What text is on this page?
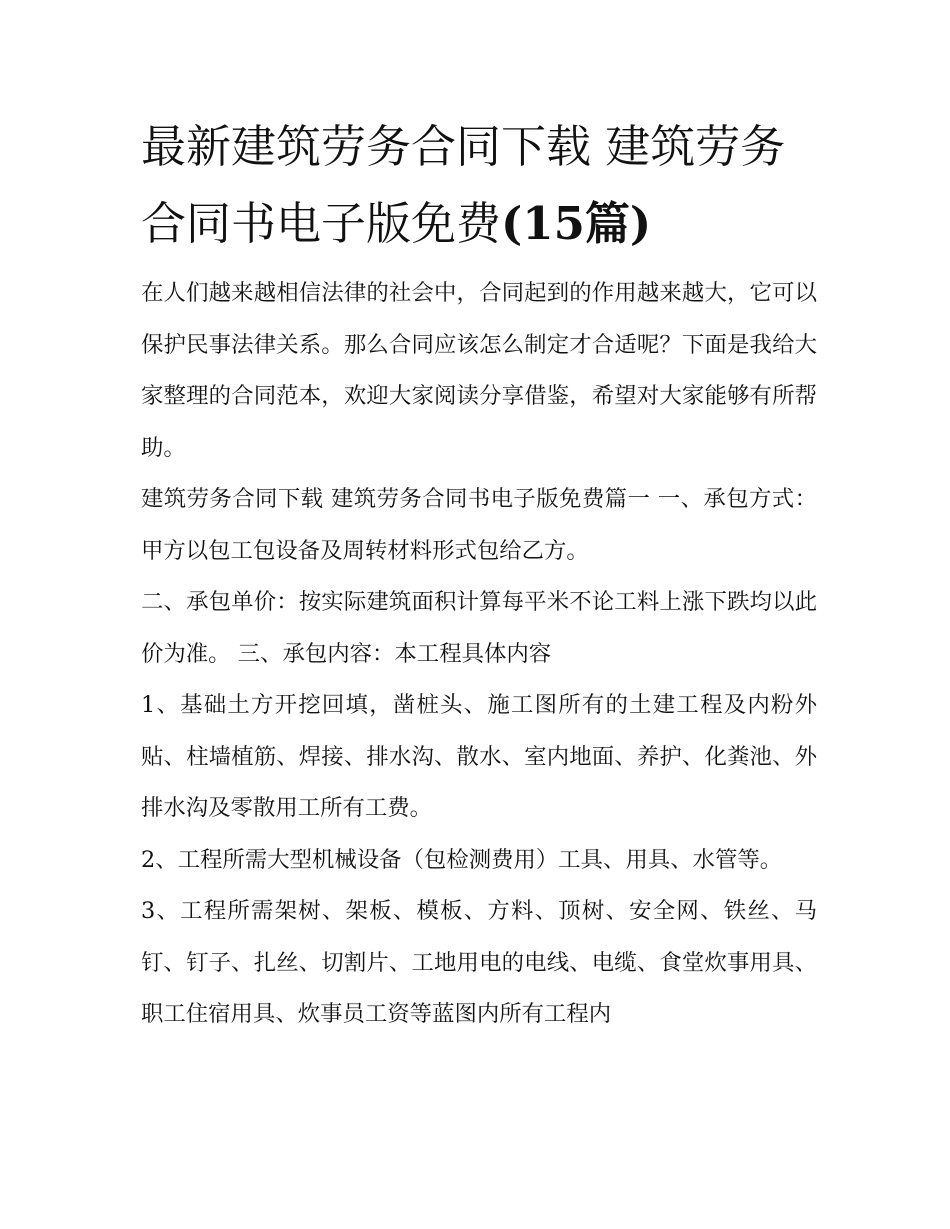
最新建筑劳务合同下载 建筑劳务合同书电子版免费(15篇)

在人们越来越相信法律的社会中，合同起到的作用越来越大，它可以保护民事法律关系。那么合同应该怎么制定才合适呢？下面是我给大家整理的合同范本，欢迎大家阅读分享借鉴，希望对大家能够有所帮助。

建筑劳务合同下载 建筑劳务合同书电子版免费篇一 一、承包方式：甲方以包工包设备及周转材料形式包给乙方。

二、承包单价：按实际建筑面积计算每平米不论工料上涨下跌均以此价为准。 三、承包内容：本工程具体内容

1、基础土方开挖回填，凿桩头、施工图所有的土建工程及内粉外贴、柱墙植筋、焊接、排水沟、散水、室内地面、养护、化粪池、外排水沟及零散用工所有工费。

2、工程所需大型机械设备（包检测费用）工具、用具、水管等。

3、工程所需架树、架板、模板、方料、顶树、安全网、铁丝、马钉、钉子、扎丝、切割片、工地用电的电线、电缆、食堂炊事用具、职工住宿用具、炊事员工资等蓝图内所有工程内
